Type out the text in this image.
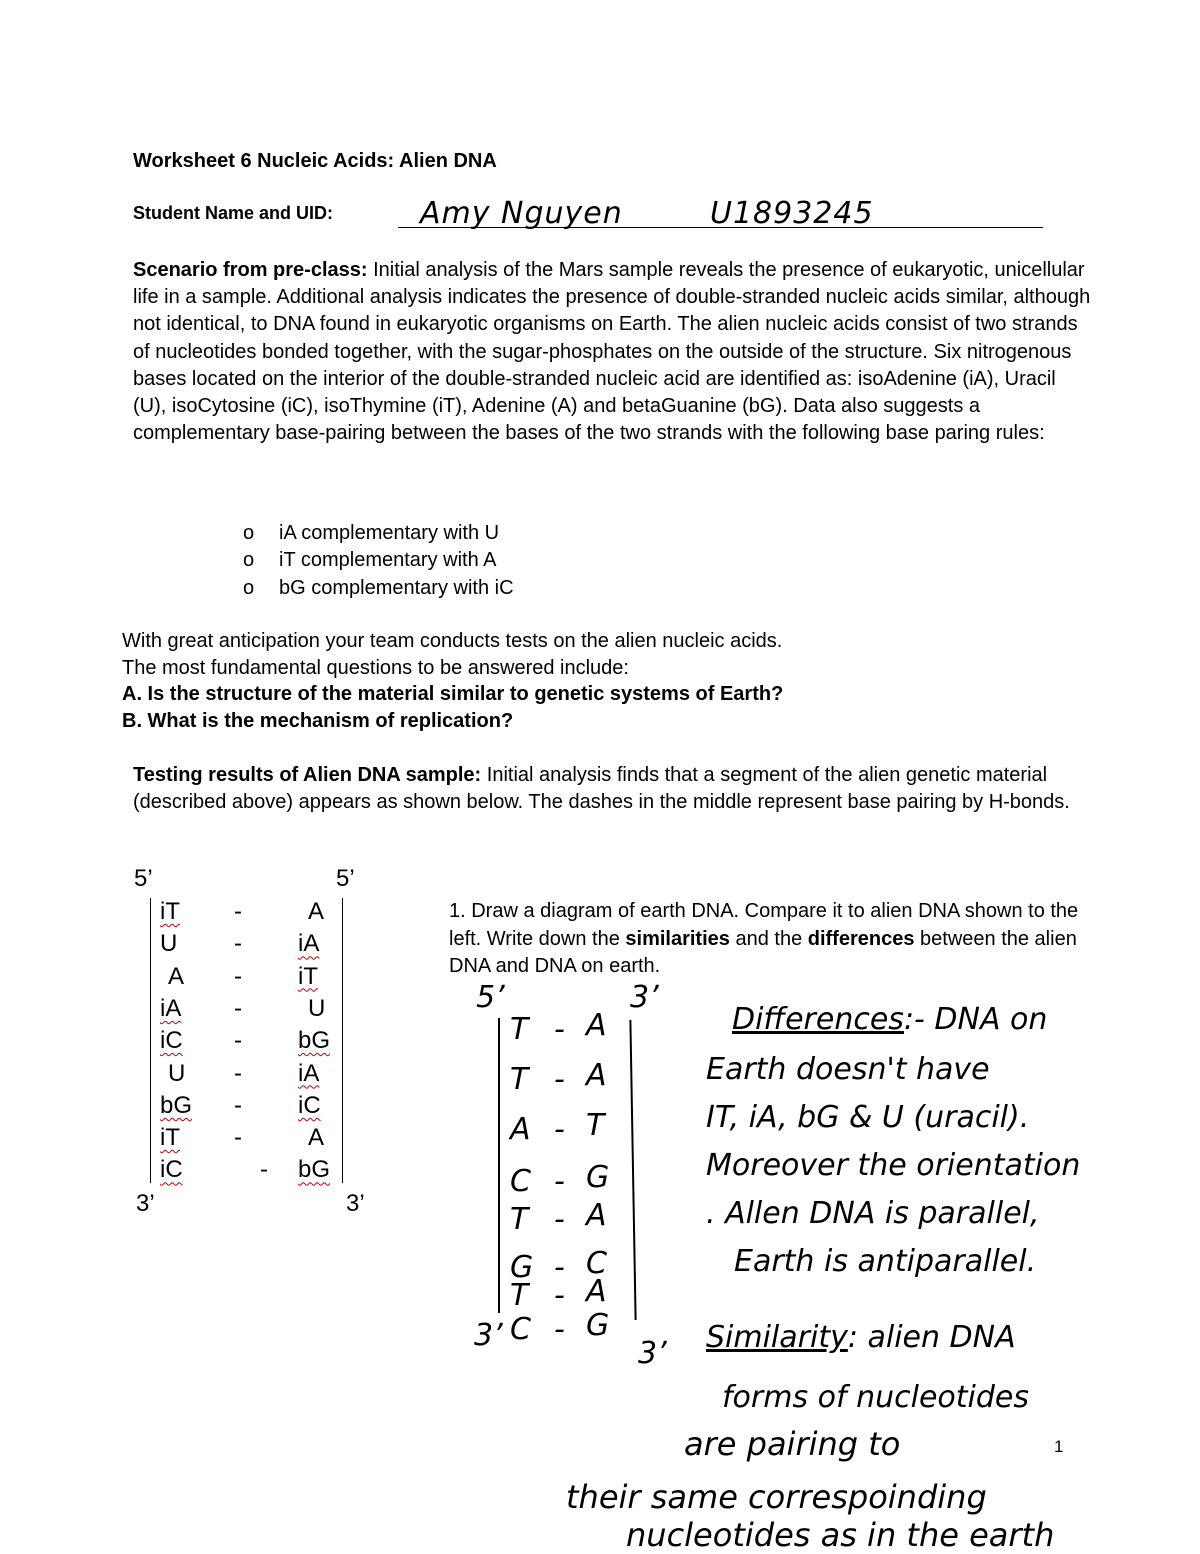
Worksheet 6 Nucleic Acids: Alien DNA
Student Name and UID:	Amy Nguyen	U1893245
Scenario from pre-class: Initial analysis of the Mars sample reveals the presence of eukaryotic, unicellular life in a sample. Additional analysis indicates the presence of double-stranded nucleic acids similar, although not identical, to DNA found in eukaryotic organisms on Earth. The alien nucleic acids consist of two strands of nucleotides bonded together, with the sugar-phosphates on the outside of the structure. Six nitrogenous bases located on the interior of the double-stranded nucleic acid are identified as: isoAdenine (iA), Uracil (U), isoCytosine (iC), isoThymine (iT), Adenine (A) and betaGuanine (bG). Data also suggests a complementary base-pairing between the bases of the two strands with the following base paring rules:
o iA complementary with U
o iT complementary with A
o bG complementary with iC
With great anticipation your team conducts tests on the alien nucleic acids.
The most fundamental questions to be answered include:
A. Is the structure of the material similar to genetic systems of Earth?
B. What is the mechanism of replication?
Testing results of Alien DNA sample: Initial analysis finds that a segment of the alien genetic material (described above) appears as shown below. The dashes in the middle represent base pairing by H-bonds.
5’	5’
iT -	A
U - iA
A - iT
iA -	U
iC - bG
U - iA
bG - iC
iT -	A
iC	- bG
3’	3’
1. Draw a diagram of earth DNA. Compare it to alien DNA shown to the left. Write down the similarities and the differences between the alien DNA and DNA on earth.
5’	3’
T - A
T - A
A - T
C - G
T - A
G - C
T - A
C - G
3’
3’
Differences:- DNA on
Earth doesn't have
IT, iA, bG & U (uracil).
Moreover the orientation
. Allen DNA is parallel,
Earth is antiparallel.
Similarity: alien DNA
forms of nucleotides
are pairing to
their same correspoinding
nucleotides as in the earth
1
